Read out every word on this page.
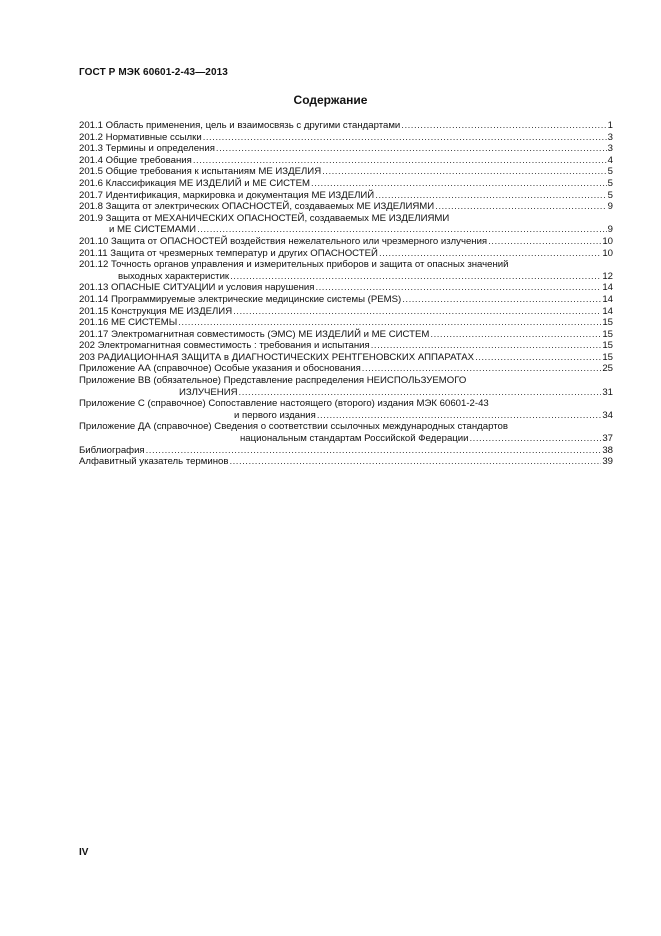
ГОСТ Р МЭК 60601-2-43—2013
Содержание
201.1 Область применения, цель и взаимосвязь с другими стандартами .....	1
201.2 Нормативные ссылки .....	3
201.3 Термины и определения .....	3
201.4 Общие требования .....	4
201.5 Общие требования к испытаниям МЕ ИЗДЕЛИЯ .....	5
201.6 Классификация МЕ ИЗДЕЛИЙ и МЕ СИСТЕМ .....	5
201.7 Идентификация, маркировка и документация МЕ ИЗДЕЛИЙ .....	5
201.8 Защита от электрических ОПАСНОСТЕЙ, создаваемых МЕ ИЗДЕЛИЯМИ .....	9
201.9 Защита от МЕХАНИЧЕСКИХ ОПАСНОСТЕЙ, создаваемых МЕ ИЗДЕЛИЯМИ
и МЕ СИСТЕМАМИ .....	9
201.10 Защита от ОПАСНОСТЕЙ воздействия нежелательного или чрезмерного излучения .....	10
201.11 Защита от чрезмерных температур и других ОПАСНОСТЕЙ .....	10
201.12 Точность органов управления и измерительных приборов и защита от опасных значений
выходных характеристик .....	12
201.13 ОПАСНЫЕ СИТУАЦИИ и условия нарушения .....	14
201.14 Программируемые электрические медицинские системы (PEMS) .....	14
201.15 Конструкция МЕ ИЗДЕЛИЯ .....	14
201.16 МЕ СИСТЕМЫ .....	15
201.17 Электромагнитная совместимость (ЭМС) МЕ ИЗДЕЛИЙ и МЕ СИСТЕМ .....	15
202 Электромагнитная совместимость : требования и испытания .....	15
203 РАДИАЦИОННАЯ ЗАЩИТА в ДИАГНОСТИЧЕСКИХ РЕНТГЕНОВСКИХ АППАРАТАХ .....	15
Приложение АА (справочное) Особые указания и обоснования .....	25
Приложение ВВ (обязательное) Представление распределения НЕИСПОЛЬЗУЕМОГО
ИЗЛУЧЕНИЯ .....	31
Приложение С (справочное) Сопоставление настоящего (второго) издания МЭК 60601-2-43
и первого издания .....	34
Приложение ДА (справочное) Сведения о соответствии ссылочных международных стандартов
национальным стандартам Российской Федерации .....	37
Библиография .....	38
Алфавитный указатель терминов .....	39
IV
